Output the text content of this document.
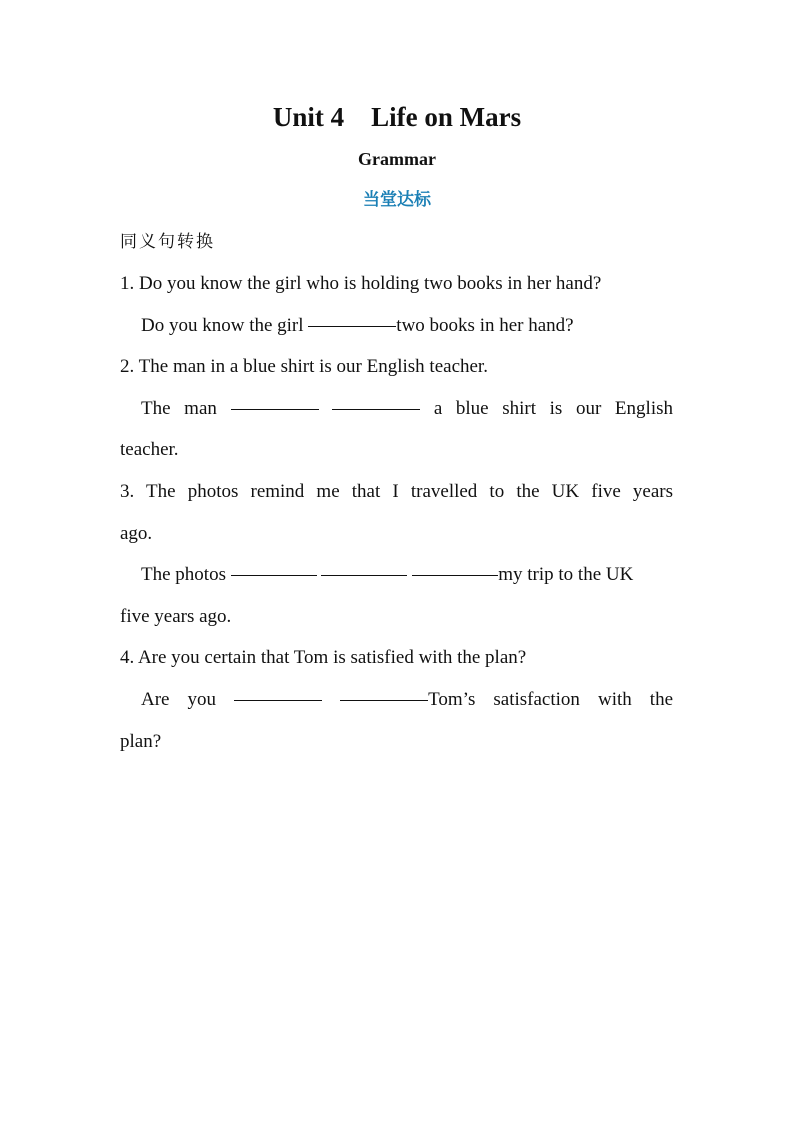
Unit 4    Life on Mars
Grammar
当堂达标
同义句转换
1. Do you know the girl who is holding two books in her hand?
Do you know the girl	two books in her hand?
2. The man in a blue shirt is our English teacher.
The man	a blue shirt is our English
teacher.
3. The photos remind me that I travelled to the UK five years
ago.
The photos	my trip to the UK
five years ago.
4. Are you certain that Tom is satisfied with the plan?
Are you	Tom’s satisfaction with the
plan?
